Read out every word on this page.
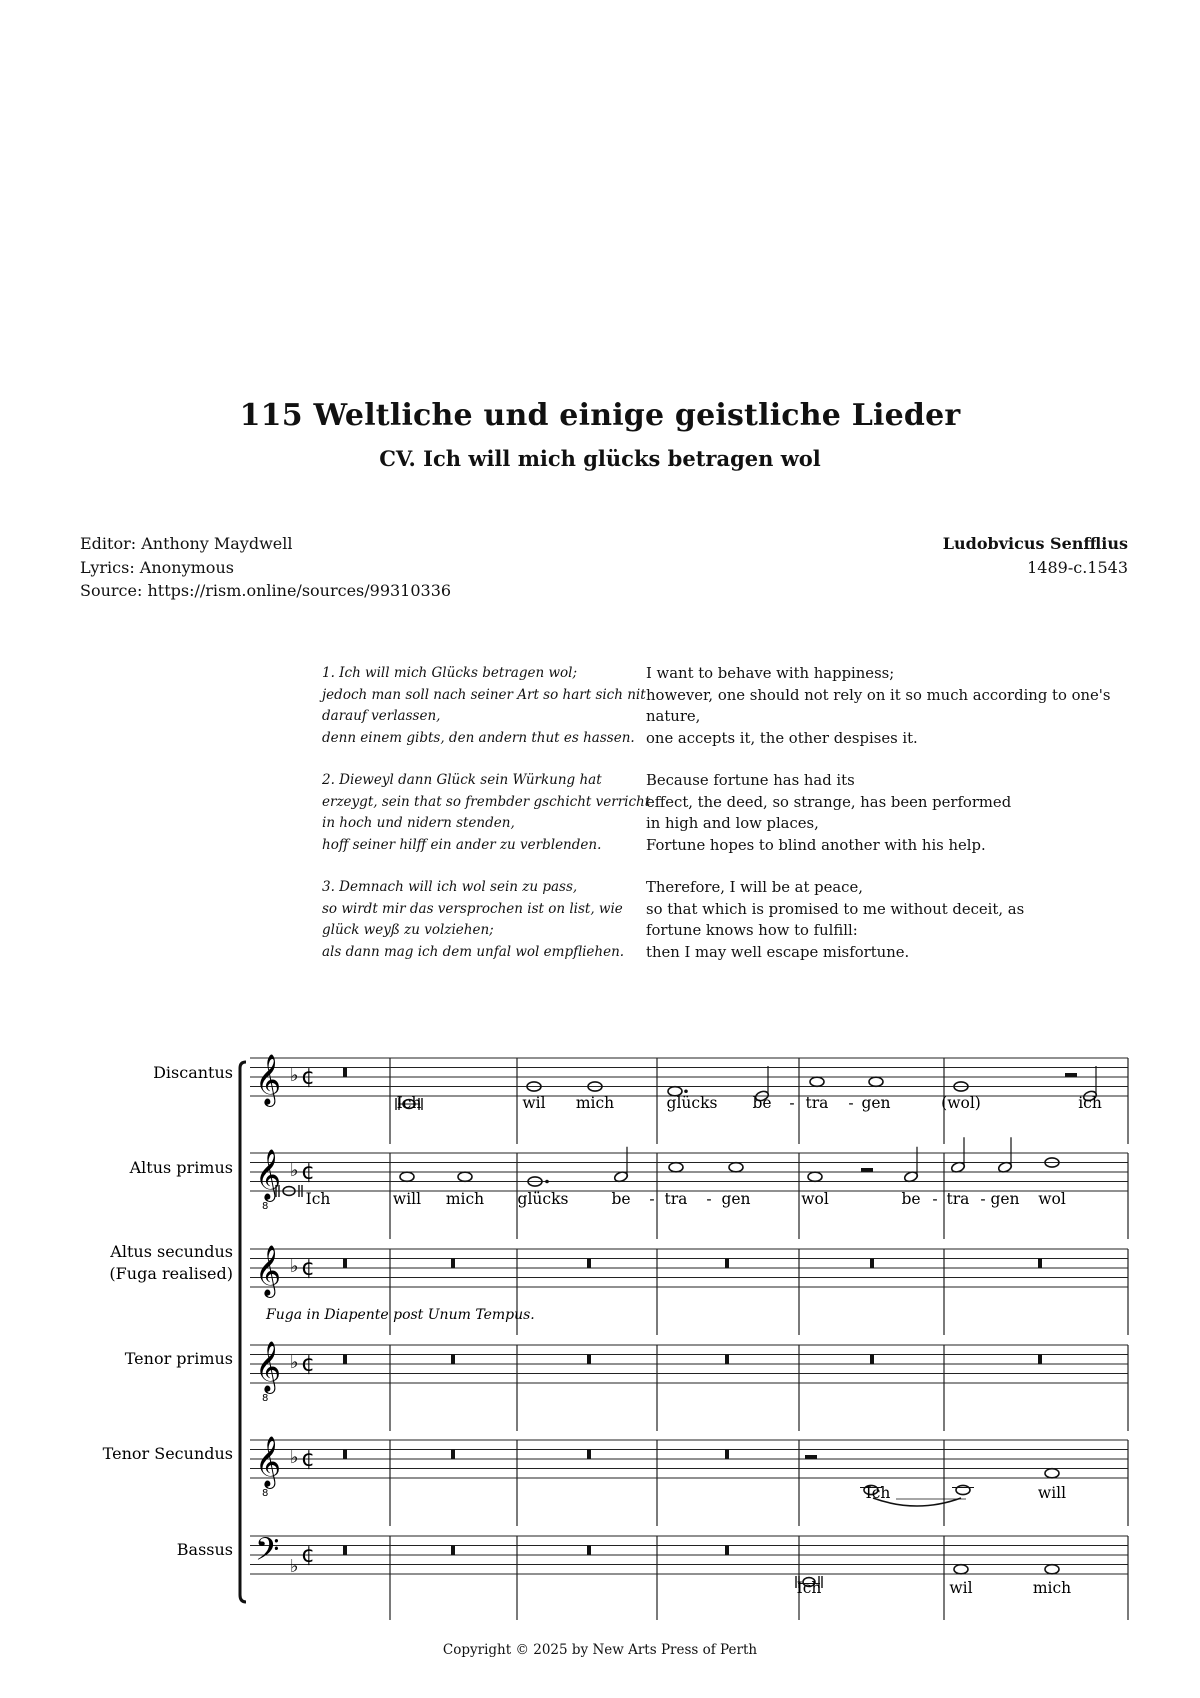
115 Weltliche und einige geistliche Lieder
CV. Ich will mich glücks betragen wol
Editor: Anthony Maydwell
Lyrics: Anonymous
Source: https://rism.online/sources/99310336
Ludobvicus Senfflius
1489-c.1543
1. Ich will mich Glücks betragen wol;
jedoch man soll nach seiner Art so hart sich nit
darauf verlassen,
denn einem gibts, den andern thut es hassen.
2. Dieweyl dann Glück sein Würkung hat
erzeygt, sein that so frembder gschicht verricht
in hoch und nidern stenden,
hoff seiner hilff ein ander zu verblenden.
3. Demnach will ich wol sein zu pass,
so wirdt mir das versprochen ist on list, wie
glück weyß zu volziehen;
als dann mag ich dem unfal wol empfliehen.
I want to behave with happiness;
however, one should not rely on it so much according to one's
nature,
one accepts it, the other despises it.
Because fortune has had its
effect, the deed, so strange, has been performed
in high and low places,
Fortune hopes to blind another with his help.
Therefore, I will be at peace,
so that which is promised to me without deceit, as
fortune knows how to fulfill:
then I may well escape misfortune.
Discantus
Altus primus
Altus secundus
(Fuga realised)
Tenor primus
Tenor Secundus
Bassus
𝄞 ♭ ¢
𝄞
8
♭ ¢
𝄞 ♭ ¢
𝄞
8
♭ ¢
𝄞
8
♭ ¢
𝄢 ♭ ¢
Ich	wil mich	glücks be - tra - gen	(wol)	ich
Ich	will mich glücks	be - tra - gen	wol	be - tra - gen wol
Ich	will
Ich	wil	mich
Fuga in Diapente post Unum Tempus.
Copyright © 2025 by New Arts Press of Perth
